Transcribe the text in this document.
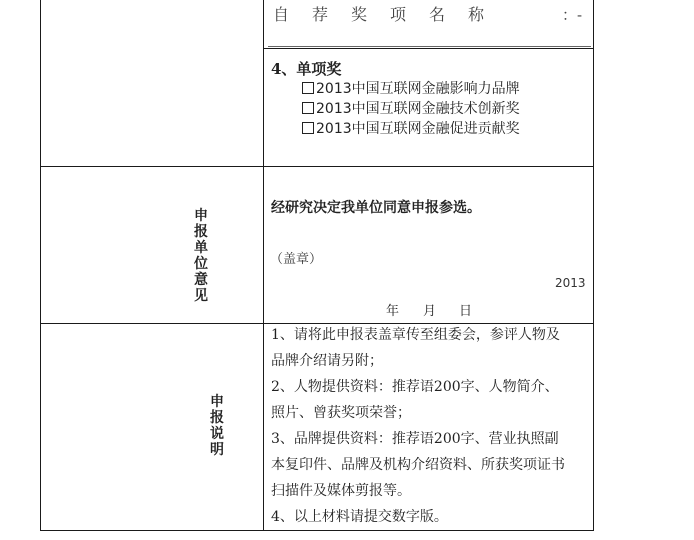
自荐奖项名称	：-
4、单项奖
2013中国互联网金融影响力品牌
2013中国互联网金融技术创新奖
2013中国互联网金融促进贡献奖
申报单位意见
经研究决定我单位同意申报参选。
（盖章）
2013
年 月 日
申报说明
1、请将此申报表盖章传至组委会，参评人物及
品牌介绍请另附；
2、人物提供资料：推荐语200字、人物简介、
照片、曾获奖项荣誉；
3、品牌提供资料：推荐语200字、营业执照副
本复印件、品牌及机构介绍资料、所获奖项证书
扫描件及媒体剪报等。
4、以上材料请提交数字版。
